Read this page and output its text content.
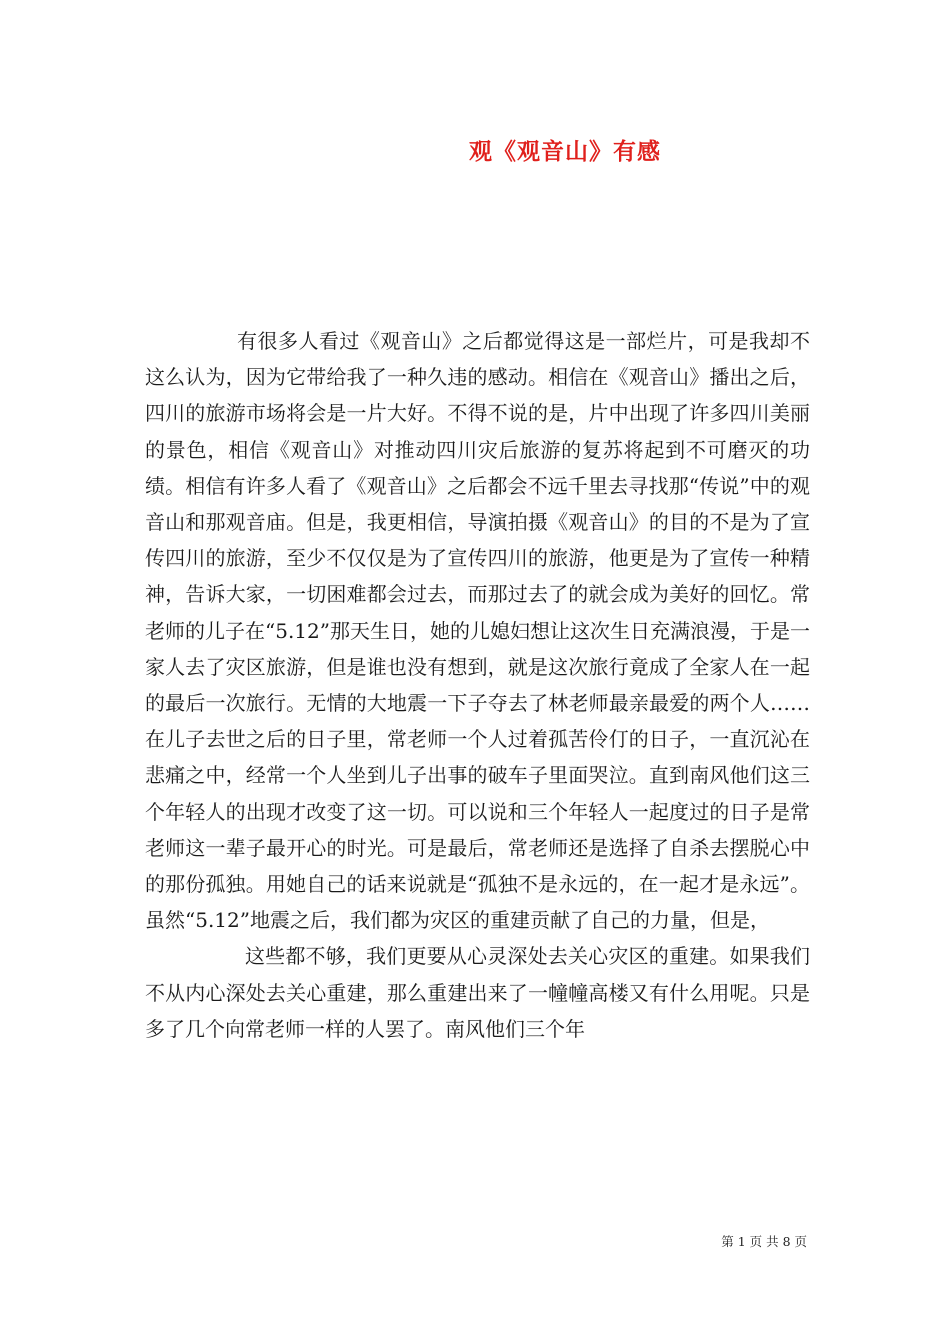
观《观音山》有感

有很多人看过《观音山》之后都觉得这是一部烂片，可是我却不这么认为，因为它带给我了一种久违的感动。相信在《观音山》播出之后，四川的旅游市场将会是一片大好。不得不说的是，片中出现了许多四川美丽的景色，相信《观音山》对推动四川灾后旅游的复苏将起到不可磨灭的功绩。相信有许多人看了《观音山》之后都会不远千里去寻找那“传说”中的观音山和那观音庙。但是，我更相信，导演拍摄《观音山》的目的不是为了宣传四川的旅游，至少不仅仅是为了宣传四川的旅游，他更是为了宣传一种精神，告诉大家，一切困难都会过去，而那过去了的就会成为美好的回忆。常老师的儿子在“5.12”那天生日，她的儿媳妇想让这次生日充满浪漫，于是一家人去了灾区旅游，但是谁也没有想到，就是这次旅行竟成了全家人在一起的最后一次旅行。无情的大地震一下子夺去了林老师最亲最爱的两个人……在儿子去世之后的日子里，常老师一个人过着孤苦伶仃的日子，一直沉沁在悲痛之中，经常一个人坐到儿子出事的破车子里面哭泣。直到南风他们这三个年轻人的出现才改变了这一切。可以说和三个年轻人一起度过的日子是常老师这一辈子最开心的时光。可是最后，常老师还是选择了自杀去摆脱心中的那份孤独。用她自己的话来说就是“孤独不是永远的，在一起才是永远”。虽然“5.12”地震之后，我们都为灾区的重建贡献了自己的力量，但是，

这些都不够，我们更要从心灵深处去关心灾区的重建。如果我们不从内心深处去关心重建，那么重建出来了一幢幢高楼又有什么用呢。只是多了几个向常老师一样的人罢了。南风他们三个年

第 1 页 共 8 页
